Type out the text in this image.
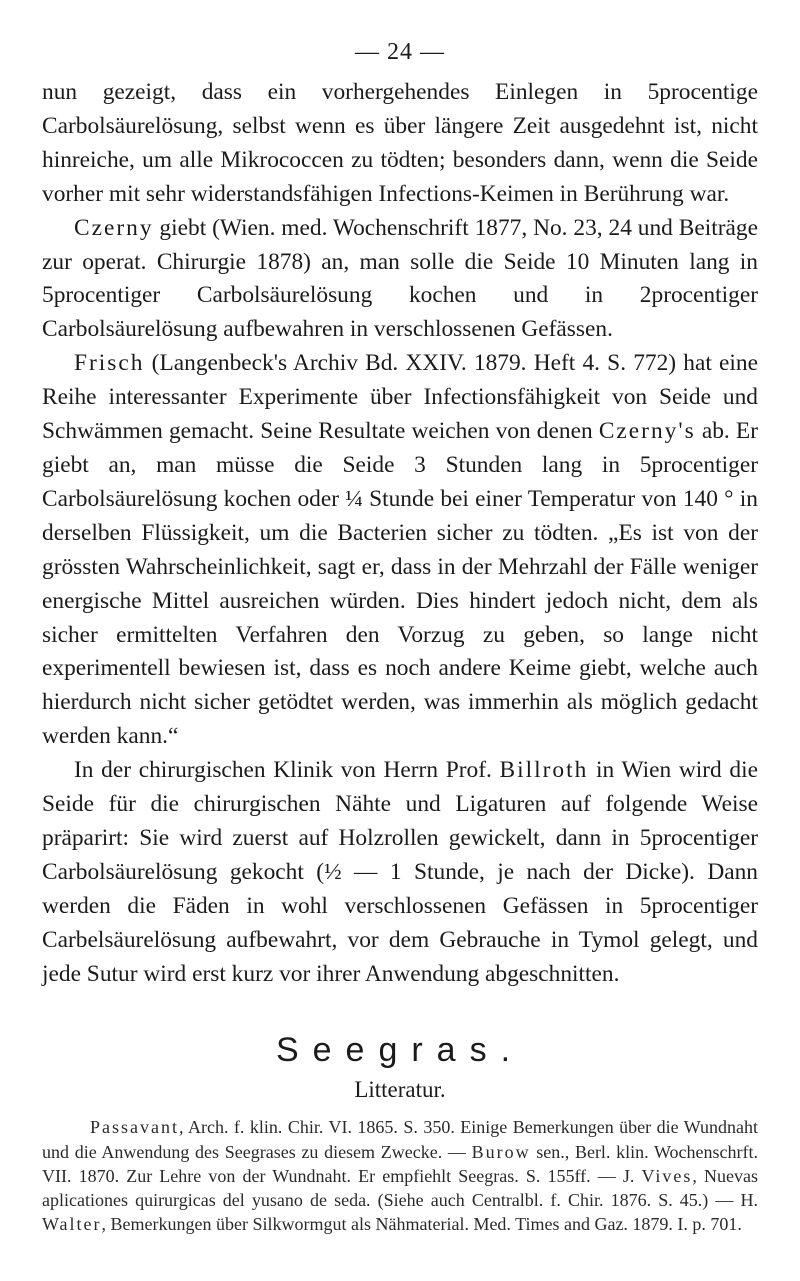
— 24 —

nun gezeigt, dass ein vorhergehendes Einlegen in 5procentige Carbolsäurelösung, selbst wenn es über längere Zeit ausgedehnt ist, nicht hinreiche, um alle Mikrococcen zu tödten; besonders dann, wenn die Seide vorher mit sehr widerstandsfähigen Infections-Keimen in Berührung war.

Czerny giebt (Wien. med. Wochenschrift 1877, No. 23, 24 und Beiträge zur operat. Chirurgie 1878) an, man solle die Seide 10 Minuten lang in 5procentiger Carbolsäurelösung kochen und in 2procentiger Carbolsäurelösung aufbewahren in verschlossenen Gefässen.

Frisch (Langenbeck's Archiv Bd. XXIV. 1879. Heft 4. S. 772) hat eine Reihe interessanter Experimente über Infectionsfähigkeit von Seide und Schwämmen gemacht. Seine Resultate weichen von denen Czerny's ab. Er giebt an, man müsse die Seide 3 Stunden lang in 5procentiger Carbolsäurelösung kochen oder ¼ Stunde bei einer Temperatur von 140 ° in derselben Flüssigkeit, um die Bacterien sicher zu tödten. „Es ist von der grössten Wahrscheinlichkeit, sagt er, dass in der Mehrzahl der Fälle weniger energische Mittel ausreichen würden. Dies hindert jedoch nicht, dem als sicher ermittelten Verfahren den Vorzug zu geben, so lange nicht experimentell bewiesen ist, dass es noch andere Keime giebt, welche auch hierdurch nicht sicher getödtet werden, was immerhin als möglich gedacht werden kann.“

In der chirurgischen Klinik von Herrn Prof. Billroth in Wien wird die Seide für die chirurgischen Nähte und Ligaturen auf folgende Weise präparirt: Sie wird zuerst auf Holzrollen gewickelt, dann in 5procentiger Carbolsäurelösung gekocht (½ — 1 Stunde, je nach der Dicke). Dann werden die Fäden in wohl verschlossenen Gefässen in 5procentiger Carbelsäurelösung aufbewahrt, vor dem Gebrauche in Tymol gelegt, und jede Sutur wird erst kurz vor ihrer Anwendung abgeschnitten.

Seegras.
Litteratur.

Passavant, Arch. f. klin. Chir. VI. 1865. S. 350. Einige Bemerkungen über die Wundnaht und die Anwendung des Seegrases zu diesem Zwecke. — Burow sen., Berl. klin. Wochenschrft. VII. 1870. Zur Lehre von der Wundnaht. Er empfiehlt Seegras. S. 155ff. — J. Vives, Nuevas aplicationes quirurgicas del yusano de seda. (Siehe auch Centralbl. f. Chir. 1876. S. 45.) — H. Walter, Bemerkungen über Silkwormgut als Nähmaterial. Med. Times and Gaz. 1879. I. p. 701.
